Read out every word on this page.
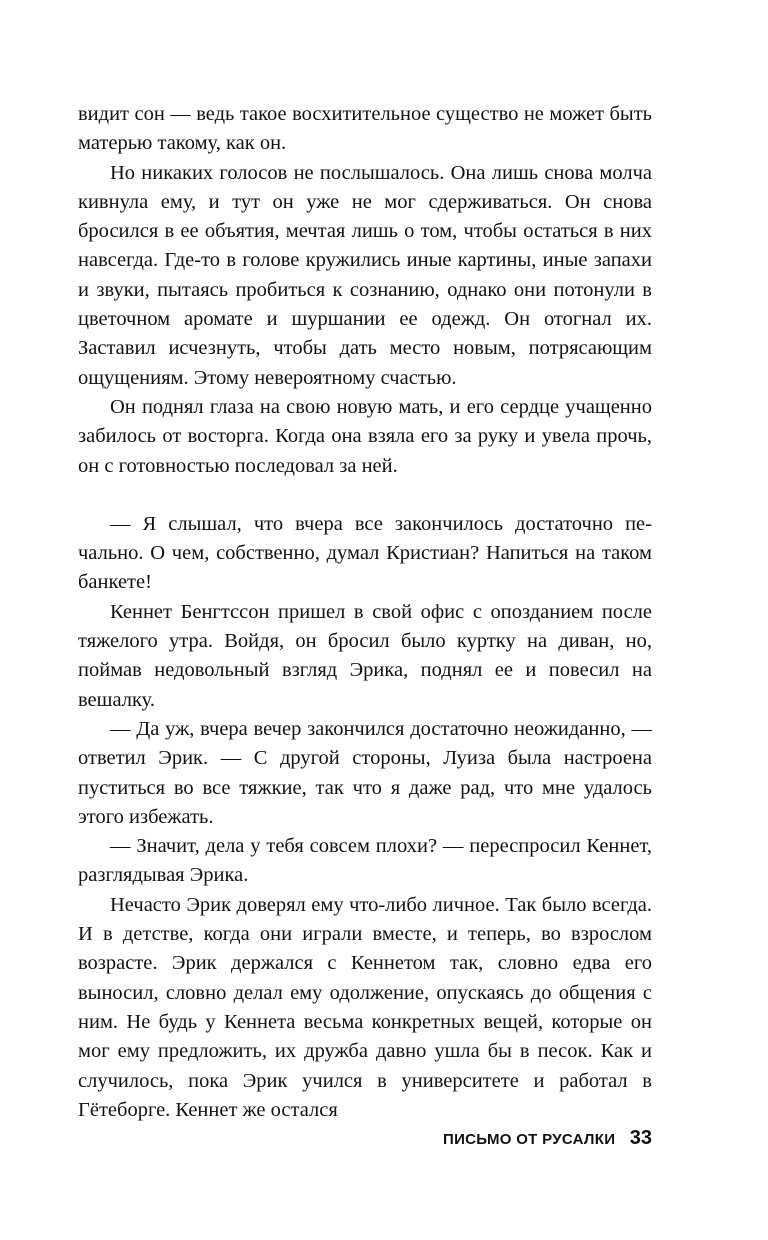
видит сон — ведь такое восхитительное существо не может быть матерью такому, как он.

Но никаких голосов не послышалось. Она лишь снова молча кивнула ему, и тут он уже не мог сдерживаться. Он снова бросился в ее объятия, мечтая лишь о том, чтобы остаться в них навсегда. Где-то в голове кружились иные картины, иные запахи и звуки, пытаясь пробиться к сознанию, однако они потонули в цветочном аромате и шуршании ее одежд. Он отогнал их. Заставил исчезнуть, чтобы дать место новым, потрясающим ощущениям. Этому невероятному счастью.

Он поднял глаза на свою новую мать, и его сердце учащенно забилось от восторга. Когда она взяла его за руку и увела прочь, он с готовностью последовал за ней.

— Я слышал, что вчера все закончилось достаточно печально. О чем, собственно, думал Кристиан? Напиться на таком банкете!

Кеннет Бенгтссон пришел в свой офис с опозданием после тяжелого утра. Войдя, он бросил было куртку на диван, но, поймав недовольный взгляд Эрика, поднял ее и повесил на вешалку.

— Да уж, вчера вечер закончился достаточно неожиданно, — ответил Эрик. — С другой стороны, Луиза была настроена пуститься во все тяжкие, так что я даже рад, что мне удалось этого избежать.

— Значит, дела у тебя совсем плохи? — переспросил Кеннет, разглядывая Эрика.

Нечасто Эрик доверял ему что-либо личное. Так было всегда. И в детстве, когда они играли вместе, и теперь, во взрослом возрасте. Эрик держался с Кеннетом так, словно едва его выносил, словно делал ему одолжение, опускаясь до общения с ним. Не будь у Кеннета весьма конкретных вещей, которые он мог ему предложить, их дружба давно ушла бы в песок. Как и случилось, пока Эрик учился в университете и работал в Гётеборге. Кеннет же остался

ПИСЬМО ОТ РУСАЛКИ 33
